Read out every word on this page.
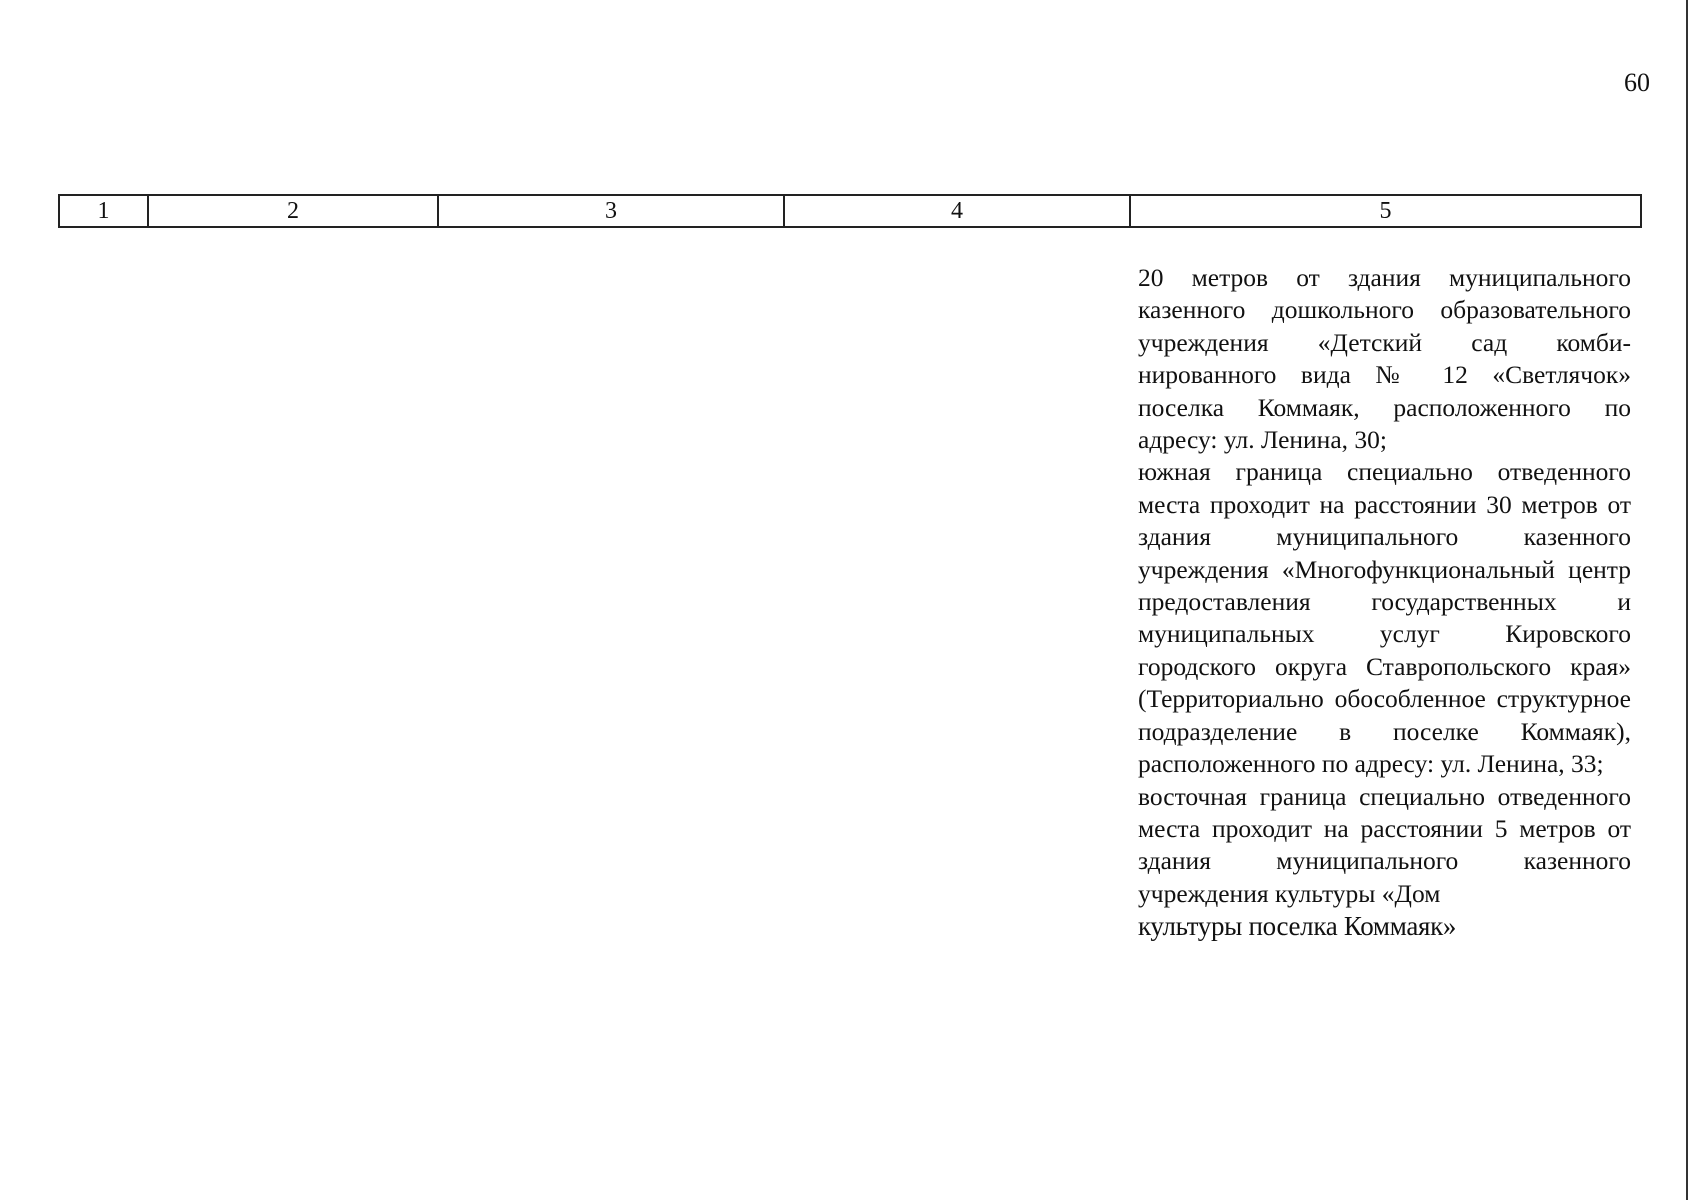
60
1	2	3	4	5

20 метров от здания муниципального казенного дошкольного образовательного учреждения «Детский сад комбинированного вида № 12 «Светлячок» поселка Коммаяк, расположенного по адресу: ул. Ленина, 30;

южная граница специально отведенного места проходит на расстоянии 30 метров от здания муниципального казенного учреждения «Многофункциональный центр предоставления государственных и муниципальных услуг Кировского городского округа Ставропольского края» (Территориально обособленное структурное подразделение в поселке Коммаяк), расположенного по адресу: ул. Ленина, 33;

восточная граница специально отведенного места проходит на расстоянии 5 метров от здания муниципального казенного учреждения культуры «Дом

культуры поселка Коммаяк»
